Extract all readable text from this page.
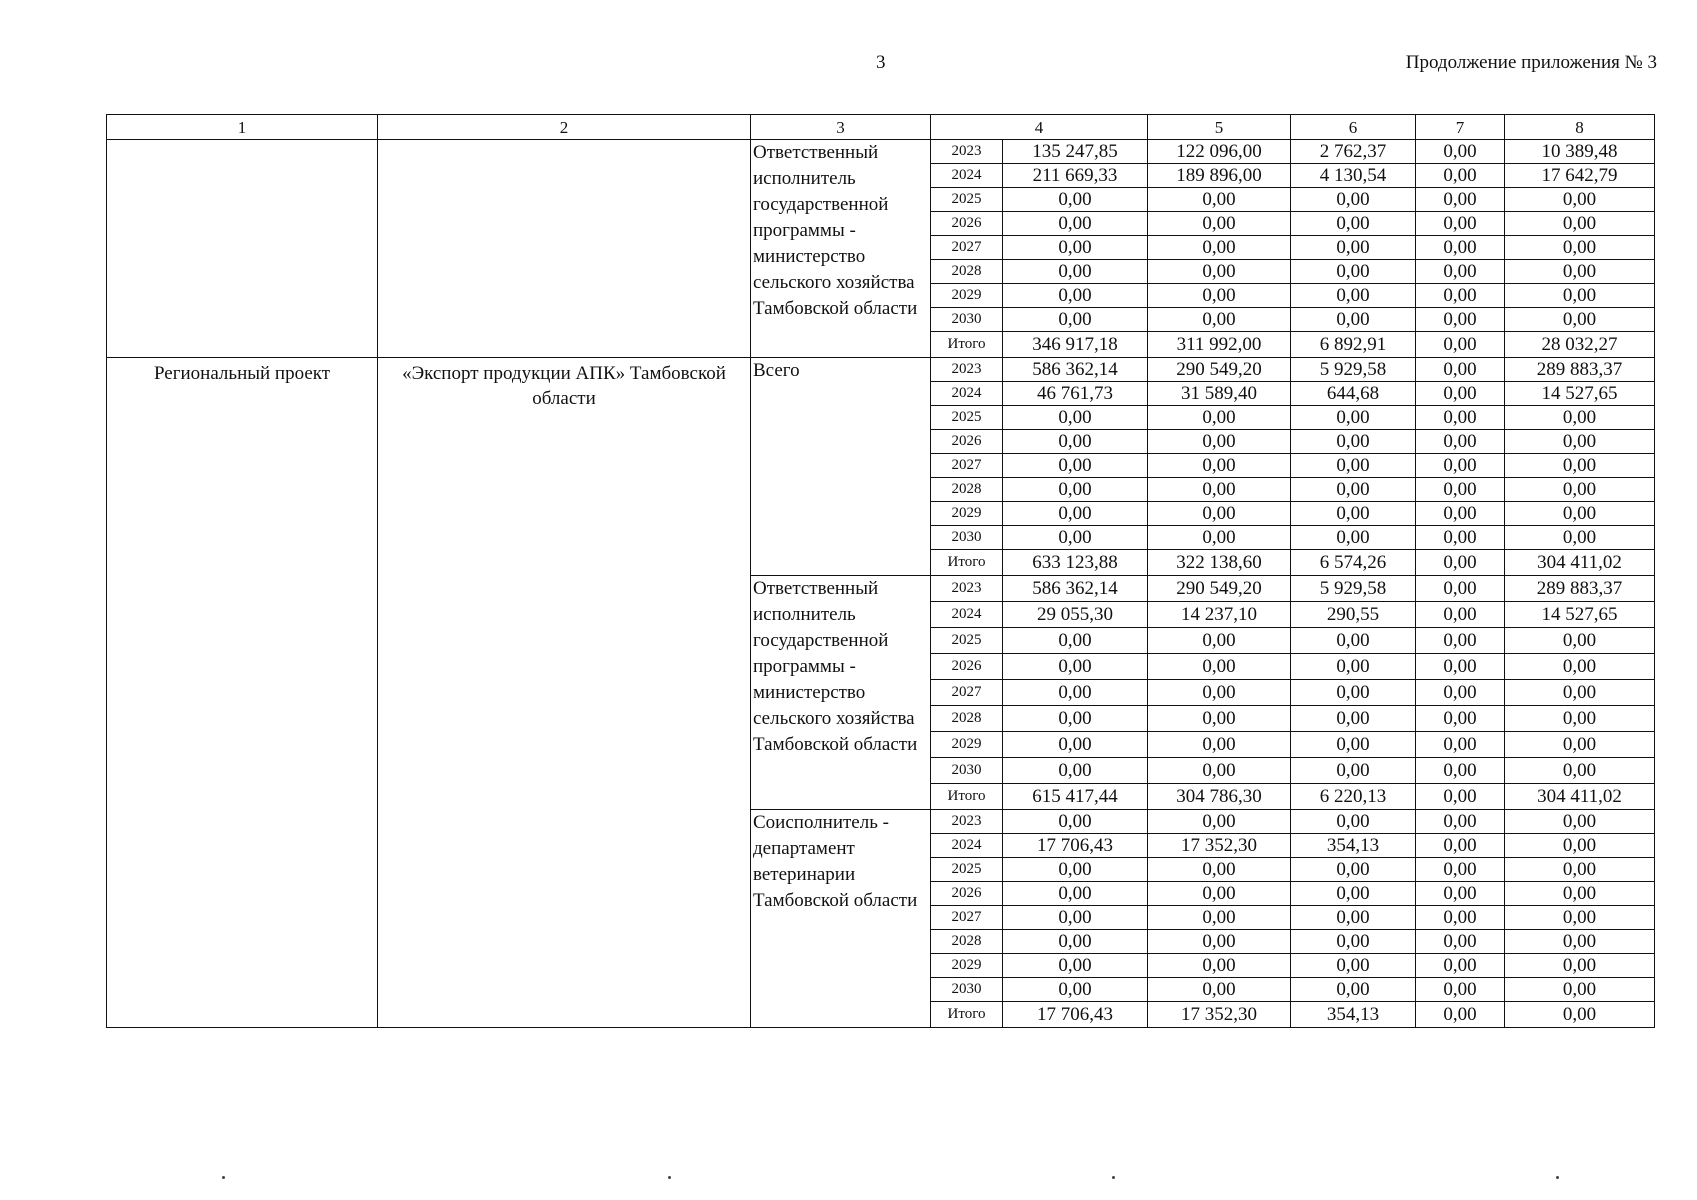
3	Продолжение приложения № 3
1	2	3	4		5	6	7	8
		Ответственный исполнитель государственной программы - министерство сельского хозяйства Тамбовской области	2023	135 247,85	122 096,00	2 762,37	0,00	10 389,48
			2024	211 669,33	189 896,00	4 130,54	0,00	17 642,79
			2025	0,00	0,00	0,00	0,00	0,00
			2026	0,00	0,00	0,00	0,00	0,00
			2027	0,00	0,00	0,00	0,00	0,00
			2028	0,00	0,00	0,00	0,00	0,00
			2029	0,00	0,00	0,00	0,00	0,00
			2030	0,00	0,00	0,00	0,00	0,00
			Итого	346 917,18	311 992,00	6 892,91	0,00	28 032,27
Региональный проект	«Экспорт продукции АПК» Тамбовской области	Всего	2023	586 362,14	290 549,20	5 929,58	0,00	289 883,37
			2024	46 761,73	31 589,40	644,68	0,00	14 527,65
			2025	0,00	0,00	0,00	0,00	0,00
			2026	0,00	0,00	0,00	0,00	0,00
			2027	0,00	0,00	0,00	0,00	0,00
			2028	0,00	0,00	0,00	0,00	0,00
			2029	0,00	0,00	0,00	0,00	0,00
			2030	0,00	0,00	0,00	0,00	0,00
			Итого	633 123,88	322 138,60	6 574,26	0,00	304 411,02
		Ответственный исполнитель государственной программы - министерство сельского хозяйства Тамбовской области	2023	586 362,14	290 549,20	5 929,58	0,00	289 883,37
			2024	29 055,30	14 237,10	290,55	0,00	14 527,65
			2025	0,00	0,00	0,00	0,00	0,00
			2026	0,00	0,00	0,00	0,00	0,00
			2027	0,00	0,00	0,00	0,00	0,00
			2028	0,00	0,00	0,00	0,00	0,00
			2029	0,00	0,00	0,00	0,00	0,00
			2030	0,00	0,00	0,00	0,00	0,00
			Итого	615 417,44	304 786,30	6 220,13	0,00	304 411,02
		Соисполнитель - департамент ветеринарии Тамбовской области	2023	0,00	0,00	0,00	0,00	0,00
			2024	17 706,43	17 352,30	354,13	0,00	0,00
			2025	0,00	0,00	0,00	0,00	0,00
			2026	0,00	0,00	0,00	0,00	0,00
			2027	0,00	0,00	0,00	0,00	0,00
			2028	0,00	0,00	0,00	0,00	0,00
			2029	0,00	0,00	0,00	0,00	0,00
			2030	0,00	0,00	0,00	0,00	0,00
			Итого	17 706,43	17 352,30	354,13	0,00	0,00
